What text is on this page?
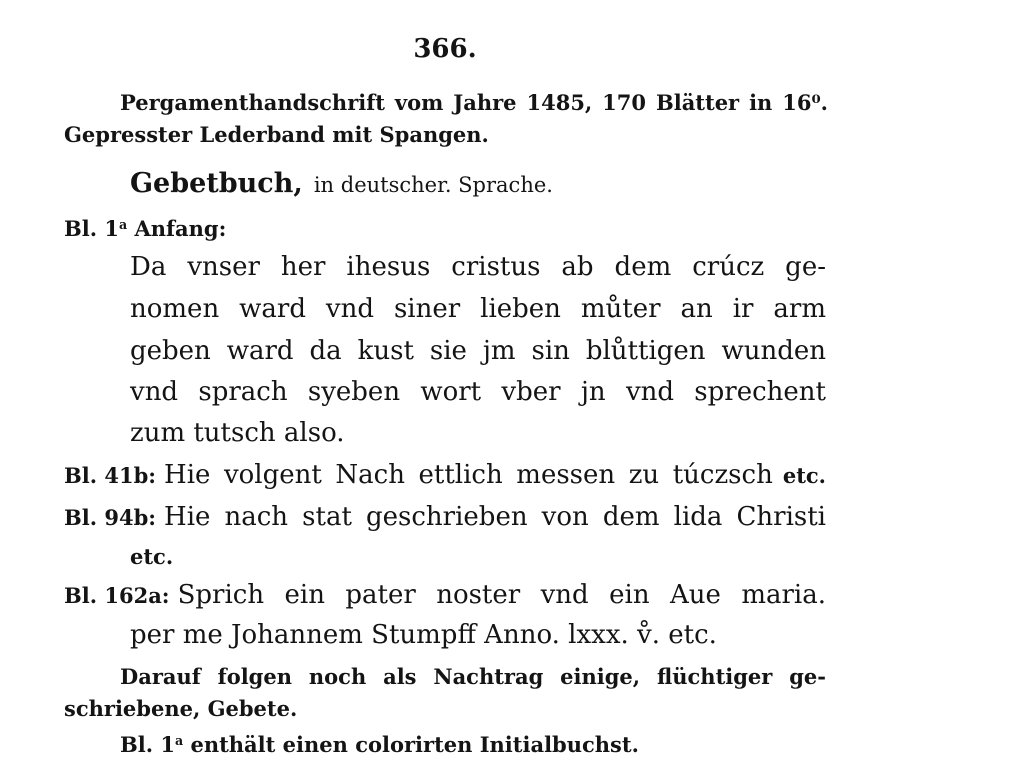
366.
Pergamenthandschrift vom Jahre 1485, 170 Blätter in 16⁰.
Gepresster Lederband mit Spangen.
Gebetbuch, in deutscher. Sprache.
Bl. 1$^a$ Anfang:
Da vnser her ihesus cristus ab dem crúcz ge-
nomen ward vnd siner lieben můter an ir arm
geben ward da kust sie jm sin blůttigen wunden
vnd sprach syeben wort vber jn vnd sprechent
zum tutsch also.
Bl. 41 b : Hie volgent Nach ettlich messen zu túczsch etc.
Bl. 94 b : Hie nach stat geschrieben von dem lida Christi
etc.
Bl. 162 a : Sprich ein pater noster vnd ein Aue maria.
per me Johannem Stumpff Anno. lxxx. v̊. etc.
Darauf folgen noch als Nachtrag einige, flüchtiger ge-
schriebene, Gebete.
Bl. 1$^a$ enthält einen colorirten Initialbuchst.
